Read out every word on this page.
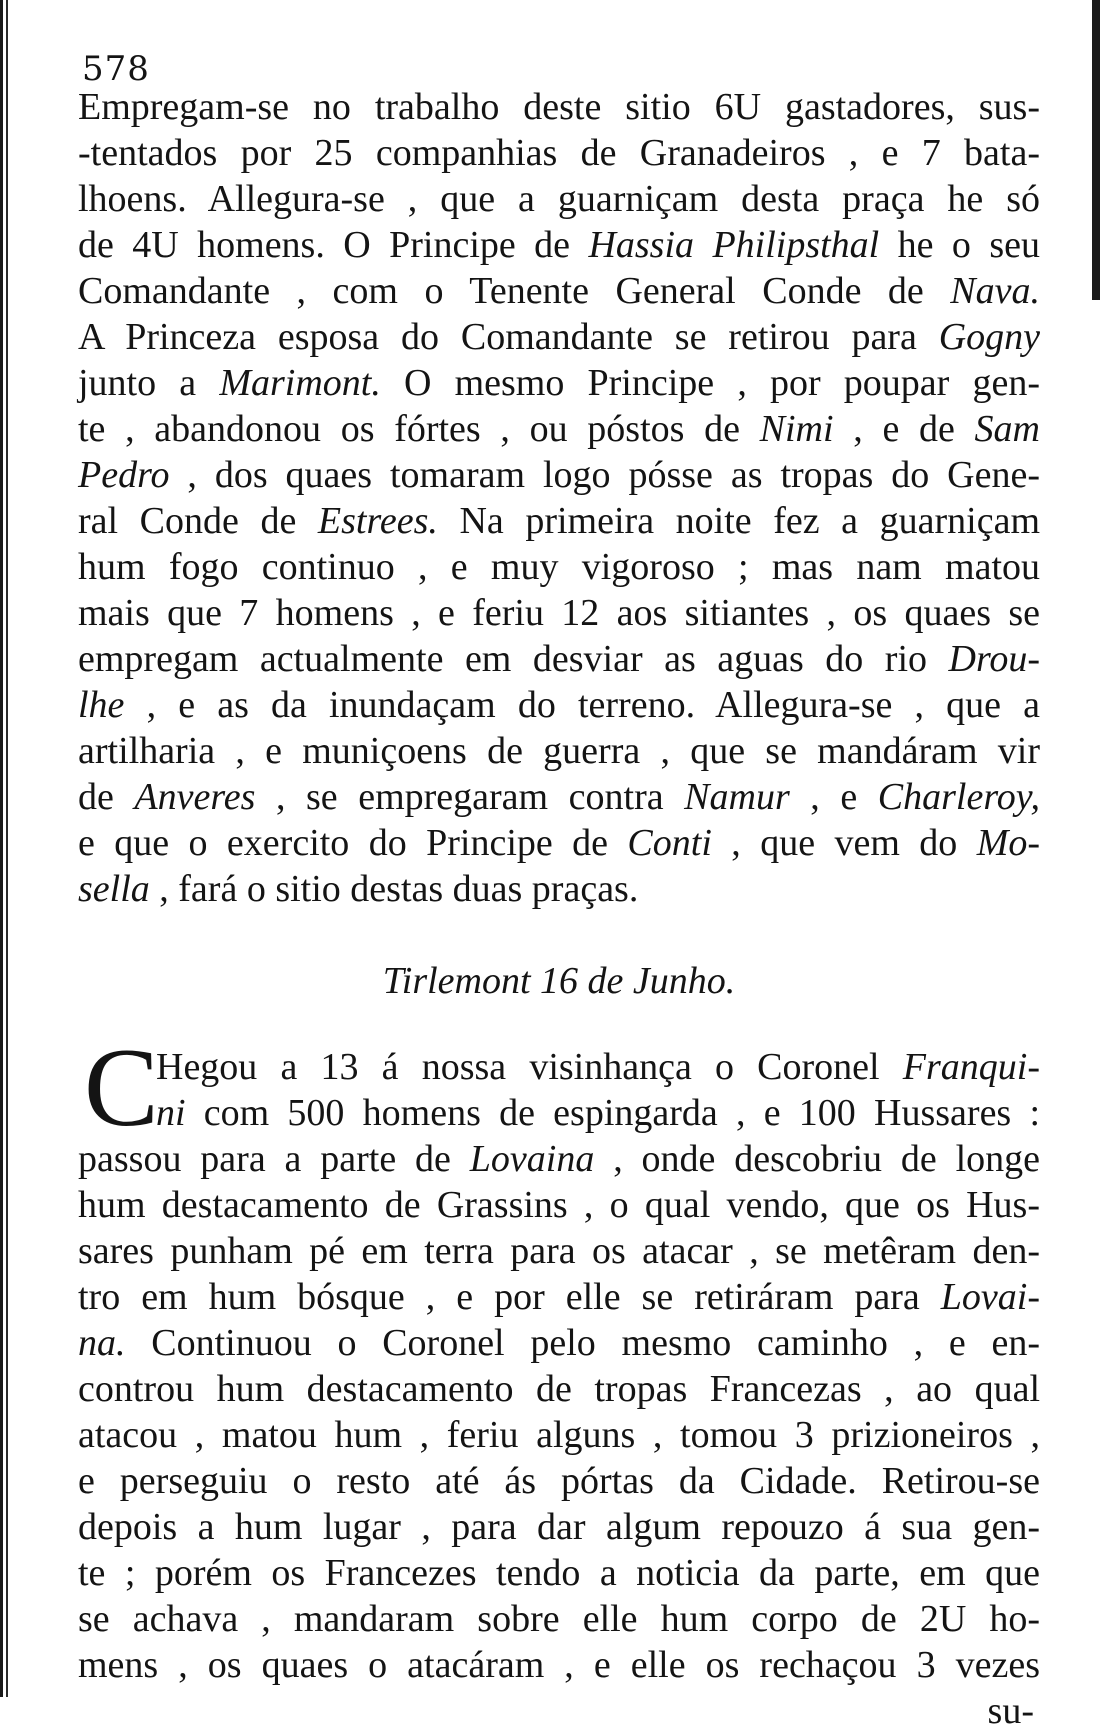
578
Empregam-se no trabalho deste sitio 6U gastadores, sus-
-tentados por 25 companhias de Granadeiros , e 7 bata-
lhoens. Allegura-se , que a guarniçam desta praça he só
de 4U homens. O Principe de Hassia Philipsthal he o seu
Comandante , com o Tenente General Conde de Nava.
A Princeza esposa do Comandante se retirou para Gogny
junto a Marimont. O mesmo Principe , por poupar gen-
te , abandonou os fórtes , ou póstos de Nimi , e de Sam
Pedro , dos quaes tomaram logo pósse as tropas do Gene-
ral Conde de Estrees. Na primeira noite fez a guarniçam
hum fogo continuo , e muy vigoroso ; mas nam matou
mais que 7 homens , e feriu 12 aos sitiantes , os quaes se
empregam actualmente em desviar as aguas do rio Drou-
lhe , e as da inundaçam do terreno. Allegura-se , que a
artilharia , e muniçoens de guerra , que se mandáram vir
de Anveres , se empregaram contra Namur , e Charleroy,
e que o exercito do Principe de Conti , que vem do Mo-
sella , fará o sitio destas duas praças.
Tirlemont 16 de Junho.
C
Hegou a 13 á nossa visinhança o Coronel Franqui-
ni com 500 homens de espingarda , e 100 Hussares :
passou para a parte de Lovaina , onde descobriu de longe
hum destacamento de Grassins , o qual vendo, que os Hus-
sares punham pé em terra para os atacar , se metêram den-
tro em hum bósque , e por elle se retiráram para Lovai-
na. Continuou o Coronel pelo mesmo caminho , e en-
controu hum destacamento de tropas Francezas , ao qual
atacou , matou hum , feriu alguns , tomou 3 prizioneiros ,
e perseguiu o resto até ás pórtas da Cidade. Retirou-se
depois a hum lugar , para dar algum repouzo á sua gen-
te ; porém os Francezes tendo a noticia da parte, em que
se achava , mandaram sobre elle hum corpo de 2U ho-
mens , os quaes o atacáram , e elle os rechaçou 3 vezes
su-
